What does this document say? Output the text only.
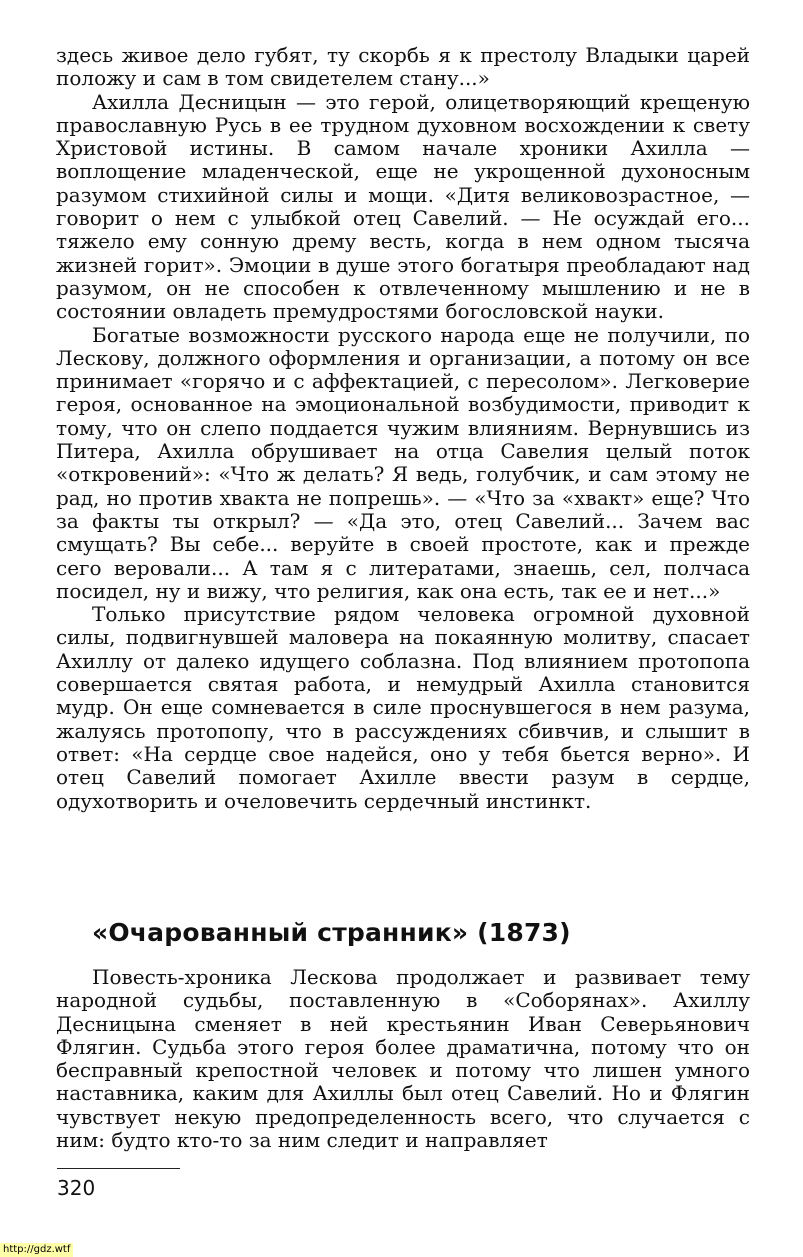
здесь живое дело губят, ту скорбь я к престолу Владыки царей положу и сам в том свидетелем стану...»

Ахилла Десницын — это герой, олицетворяющий крещеную православную Русь в ее трудном духовном восхождении к свету Христовой истины. В самом начале хроники Ахилла — воплощение младенческой, еще не укрощенной духоносным разумом стихийной силы и мощи. «Дитя великовозрастное, — говорит о нем с улыбкой отец Савелий. — Не осуждай его... тяжело ему сонную дрему весть, когда в нем одном тысяча жизней горит». Эмоции в душе этого богатыря преобладают над разумом, он не способен к отвлеченному мышлению и не в состоянии овладеть премудростями богословской науки.

Богатые возможности русского народа еще не получили, по Лескову, должного оформления и организации, а потому он все принимает «горячо и с аффектацией, с пересолом». Легковерие героя, основанное на эмоциональной возбудимости, приводит к тому, что он слепо поддается чужим влияниям. Вернувшись из Питера, Ахилла обрушивает на отца Савелия целый поток «откровений»: «Что ж делать? Я ведь, голубчик, и сам этому не рад, но против хвакта не попрешь». — «Что за «хвакт» еще? Что за факты ты открыл? — «Да это, отец Савелий... Зачем вас смущать? Вы себе... веруйте в своей простоте, как и прежде сего веровали... А там я с литератами, знаешь, сел, полчаса посидел, ну и вижу, что религия, как она есть, так ее и нет...»

Только присутствие рядом человека огромной духовной силы, подвигнувшей маловера на покаянную молитву, спасает Ахиллу от далеко идущего соблазна. Под влиянием протопопа совершается святая работа, и немудрый Ахилла становится мудр. Он еще сомневается в силе проснувшегося в нем разума, жалуясь протопопу, что в рассуждениях сбивчив, и слышит в ответ: «На сердце свое надейся, оно у тебя бьется верно». И отец Савелий помогает Ахилле ввести разум в сердце, одухотворить и очеловечить сердечный инстинкт.

«Очарованный странник» (1873)

Повесть-хроника Лескова продолжает и развивает тему народной судьбы, поставленную в «Соборянах». Ахиллу Десницына сменяет в ней крестьянин Иван Северьянович Флягин. Судьба этого героя более драматична, потому что он бесправный крепостной человек и потому что лишен умного наставника, каким для Ахиллы был отец Савелий. Но и Флягин чувствует некую предопределенность всего, что случается с ним: будто кто-то за ним следит и направляет

320
http://gdz.wtf
